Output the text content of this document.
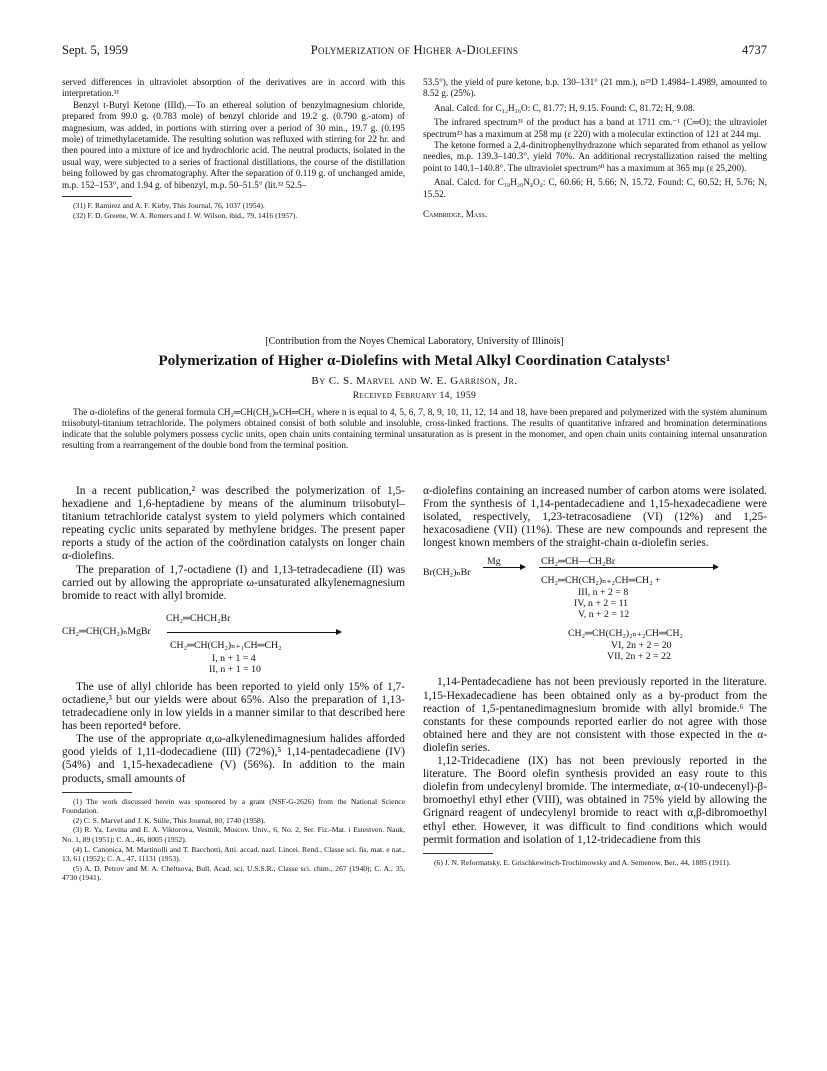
Sept. 5, 1959	Polymerization of Higher α-Diolefins	4737

served differences in ultraviolet absorption of the derivatives are in accord with this interpretation.³¹

Benzyl t-Butyl Ketone (IIId).—To an ethereal solution of benzylmagnesium chloride, prepared from 99.0 g. (0.783 mole) of benzyl chloride and 19.2 g. (0.790 g.-atom) of magnesium, was added, in portions with stirring over a period of 30 min., 19.7 g. (0.195 mole) of trimethylacetamide. The resulting solution was refluxed with stirring for 22 hr. and then poured into a mixture of ice and hydrochloric acid. The neutral products, isolated in the usual way, were subjected to a series of fractional distillations, the course of the distillation being followed by gas chromatography. After the separation of 0.119 g. of unchanged amide, m.p. 152–153°, and 1.94 g. of bibenzyl, m.p. 50–51.5° (lit.³² 52.5–

(31) F. Ramirez and A. F. Kirby, This Journal, 76, 1037 (1954).

(32) F. D. Greene, W. A. Remers and J. W. Wilson, ibid., 79, 1416 (1957).

53.5°), the yield of pure ketone, b.p. 130–131° (21 mm.), n²⁵D 1.4984–1.4989, amounted to 8.52 g. (25%).

Anal. Calcd. for C₁₂H₁₆O: C, 81.77; H, 9.15. Found: C, 81.72; H, 9.08.

The infrared spectrum³¹ of the product has a band at 1711 cm.⁻¹ (C═O); the ultraviolet spectrum²³ has a maximum at 258 mμ (ε 220) with a molecular extinction of 121 at 244 mμ.

The ketone formed a 2,4-dinitrophenylhydrazone which separated from ethanol as yellow needles, m.p. 139.3–140.3°, yield 70%. An additional recrystallization raised the melting point to 140.1–140.8°. The ultraviolet spectrum³⁰ has a maximum at 365 mμ (ε 25,200).

Anal. Calcd. for C₁₈H₂₀N₄O₄: C, 60.66; H, 5.66; N, 15.72. Found: C, 60.52; H, 5.76; N, 15.52.

Cambridge, Mass.

[Contribution from the Noyes Chemical Laboratory, University of Illinois]
Polymerization of Higher α-Diolefins with Metal Alkyl Coordination Catalysts¹
By C. S. Marvel and W. E. Garrison, Jr.
Received February 14, 1959

The α-diolefins of the general formula CH₂═CH(CH₂)ₙCH═CH₂ where n is equal to 4, 5, 6, 7, 8, 9, 10, 11, 12, 14 and 18, have been prepared and polymerized with the system aluminum triisobutyl-titanium tetrachloride. The polymers obtained consist of both soluble and insoluble, cross-linked fractions. The results of quantitative infrared and bromination determinations indicate that the soluble polymers possess cyclic units, open chain units containing terminal unsaturation as is present in the monomer, and open chain units containing internal unsaturation resulting from a rearrangement of the double bond from the terminal position.

In a recent publication,² was described the polymerization of 1,5-hexadiene and 1,6-heptadiene by means of the aluminum triisobutyl–titanium tetrachloride catalyst system to yield polymers which contained repeating cyclic units separated by methylene bridges. The present paper reports a study of the action of the coördination catalysts on longer chain α-diolefins.

The preparation of 1,7-octadiene (I) and 1,13-tetradecadiene (II) was carried out by allowing the appropriate ω-unsaturated alkylenemagnesium bromide to react with allyl bromide.

CH₂═CHCH₂Br
CH₂═CH(CH₂)ₙMgBr
CH₂═CH(CH₂)ₙ₊₁CH═CH₂
I, n + 1 = 4
II, n + 1 = 10

The use of allyl chloride has been reported to yield only 15% of 1,7-octadiene,³ but our yields were about 65%. Also the preparation of 1,13-tetradecadiene only in low yields in a manner similar to that described here has been reported⁴ before.

The use of the appropriate α,ω-alkylenedimagnesium halides afforded good yields of 1,11-dodecadiene (III) (72%),⁵ 1,14-pentadecadiene (IV) (54%) and 1,15-hexadecadiene (V) (56%). In addition to the main products, small amounts of

(1) The work discussed herein was sponsored by a grant (NSF-G-2626) from the National Science Foundation.

(2) C. S. Marvel and J. K. Stille, This Journal, 80, 1740 (1958).

(3) R. Ya. Levina and E. A. Viktorova, Vestnik, Moscov. Univ., 6, No. 2, Ser. Fiz.-Mat. i Estestven. Nauk, No. 1, 89 (1951); C. A., 46, 8005 (1952).

(4) L. Canonica, M. Martinolli and T. Bacchotti, Atti. accad. nazl. Lincei. Rend., Classe sci. fis, mat. e nat., 13, 61 (1952); C. A., 47, 11131 (1953).

(5) A. D. Petrov and M. A. Cheltsova, Bull. Acad. sci. U.S.S.R., Classe sci. chim., 267 (1940); C. A., 35, 4730 (1941).

α-diolefins containing an increased number of carbon atoms were isolated. From the synthesis of 1,14-pentadecadiene and 1,15-hexadecadiene were isolated, respectively, 1,23-tetracosadiene (VI) (12%) and 1,25-hexacosadiene (VII) (11%). These are new compounds and represent the longest known members of the straight-chain α-diolefin series.

Mg	CH₂═CH—CH₂Br
Br(CH₂)ₙBr
CH₂═CH(CH₂)ₙ₊₂CH═CH₂ +
III, n + 2 = 8
IV, n + 2 = 11
V, n + 2 = 12
CH₂═CH(CH₂)₂ₙ₊₂CH═CH₂
VI, 2n + 2 = 20
VII, 2n + 2 = 22

1,14-Pentadecadiene has not been previously reported in the literature. 1,15-Hexadecadiene has been obtained only as a by-product from the reaction of 1,5-pentanedimagnesium bromide with allyl bromide.⁶ The constants for these compounds reported earlier do not agree with those obtained here and they are not consistent with those expected in the α-diolefin series.

1,12-Tridecadiene (IX) has not been previously reported in the literature. The Boord olefin synthesis provided an easy route to this diolefin from undecylenyl bromide. The intermediate, α-(10-undecenyl)-β-bromoethyl ethyl ether (VIII), was obtained in 75% yield by allowing the Grignard reagent of undecylenyl bromide to react with α,β-dibromoethyl ethyl ether. However, it was difficult to find conditions which would permit formation and isolation of 1,12-tridecadiene from this

(6) J. N. Reformatsky, E. Grischkewitsch-Trochimowsky and A. Semenow, Ber., 44, 1885 (1911).
